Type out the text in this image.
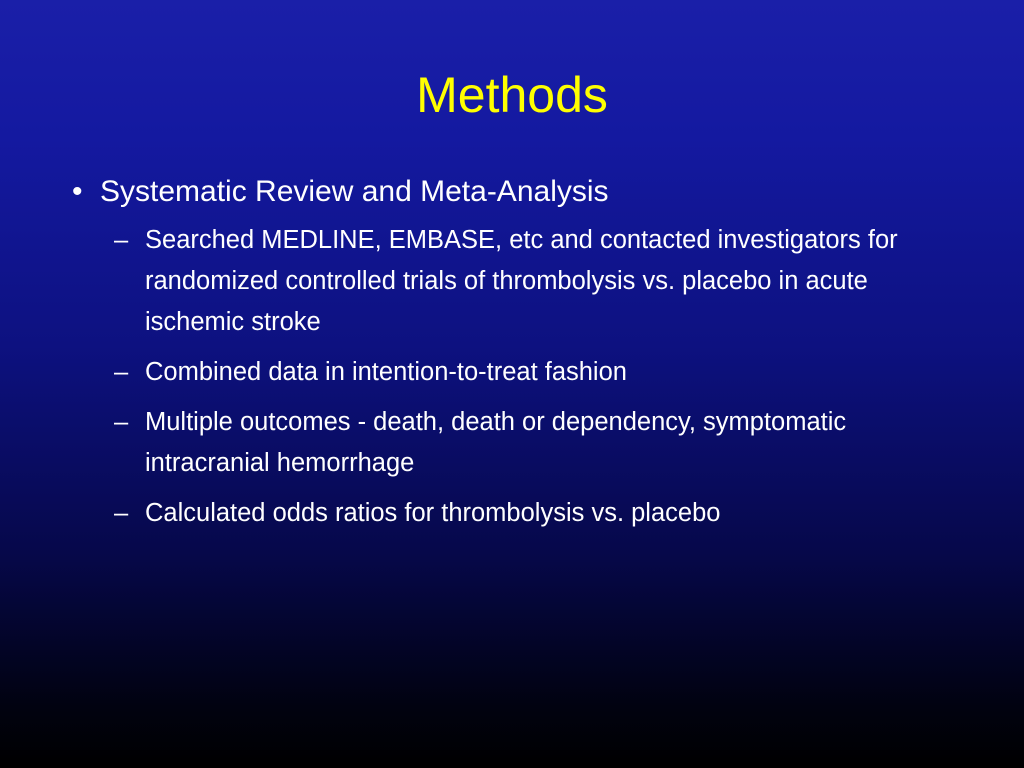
Methods
• Systematic Review and Meta-Analysis
– Searched MEDLINE, EMBASE, etc and contacted investigators for randomized controlled trials of thrombolysis vs. placebo in acute ischemic stroke
– Combined data in intention-to-treat fashion
– Multiple outcomes - death, death or dependency, symptomatic intracranial hemorrhage
– Calculated odds ratios for thrombolysis vs. placebo
